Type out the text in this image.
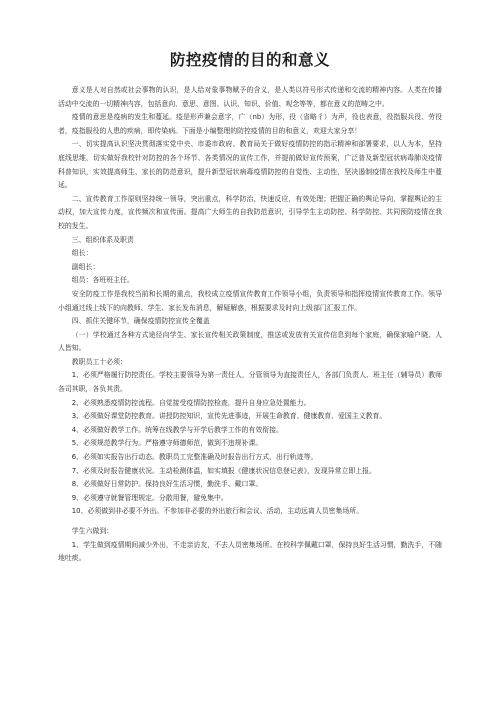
防控疫情的目的和意义

意义是人对自然或社会事物的认识，是人给对象事物赋予的含义，是人类以符号形式传递和交流的精神内容。人类在传播活动中交流的一切精神内容，包括意向、意思、意图、认识、知识、价值、观念等等，都在意义的范畴之中。

疫情的意思是疫病的发生和蔓延。疫是形声兼会意字，广（nb）为形，役（省略彳）为声，役也表意，役指服兵役、劳役者，疫指服役的人患的疾病，即传染病。下面是小编整理的防控疫情的目的和意义，欢迎大家分享！

一、切实提高认识坚决贯彻落实党中央、市委市政府、教育局关于做好疫情防控的指示精神和部署要求，以人为本，坚持底线思维，切实做好我校针对防控的各个环节、各类情况的宣传工作，并提前做好宣传预案，广泛普及新型冠状病毒肺炎疫情科普知识，实效提高师生、家长的防范意识，提升新型冠状病毒疫情防控的自觉性、主动性，坚决遏制疫情在我校及师生中蔓延。

二、宣传教育工作原则坚持统一领导，突出重点，科学防治，快速反应，有效处理；把握正确的舆论导向，掌握舆论的主动权，加大宣传力度，宣传频次和宣传面。提高广大师生的自我防范意识，引导学生主动防控、科学防控、共同预防疫情在我校的发生。

三、组织体系及职责

组长：

副组长：

组员：各班班主任。

安全防疫工作是我校当前和长期的重点，我校成立疫情宣传教育工作领导小组，负责领导和指挥疫情宣传教育工作。领导小组通过线上线下的向教师、学生、家长发布消息，解疑解惑，根据要求及时向上级部门汇报工作。

四、抓住关键环节，确保疫情防控宣传全覆盖

（一）学校通过各种方式途径向学生、家长宣传相关政策制度，推送或发放有关宣传信息到每个家庭，确保家喻户晓、人人皆知。

教职员工十必须：

1、必须严格履行防控责任。学校主要领导为第一责任人，分管领导为直接责任人，各部门负责人、班主任（辅导员）教师各司其职，各负其责。

2、必须熟悉疫情防控流程。自觉接受疫情防控检查，提升自身应急处置能力。

3、必须做好课堂防控教育。讲授防控知识，宣传先进事迹，开展生命教育、健康教育、爱国主义教育。

4、必须做好教学工作。统筹在线教学与开学后教学工作的有效衔接。

5、必须规范教学行为。严格遵守师德师范，做到不违规补课。

6、必须如实报告出行动态。教职员工完整准确及时报告出行方式、出行轨迹等。

7、必须及时报告健康状况。主动检测体温，如实填报《健康状况信息登记表》，发现异常立即上报。

8、必须做好日常防护。保持良好生活习惯，勤洗手、戴口罩。

9、必须遵守就餐管理规定。分散用餐，避免集中。

10、必须做到非必要不外出。不参加非必要的外出旅行和会议、活动，主动远离人员密集场所。

学生六做到：

1、学生做到疫情期间减少外出，不走亲访友，不去人员密集场所。在校科学佩戴口罩，保持良好生活习惯，勤洗手，不随地吐痰。
